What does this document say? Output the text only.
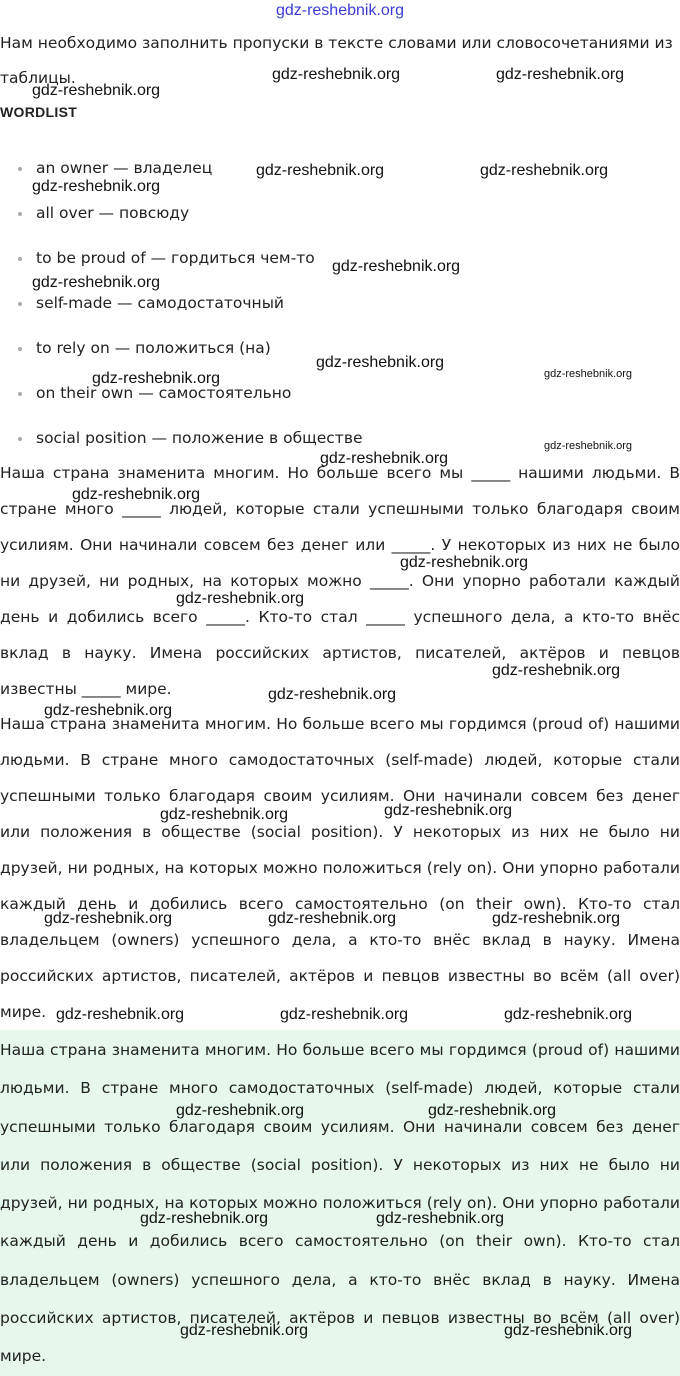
gdz-reshebnik.org

Нам необходимо заполнить пропуски в тексте словами или словосочетаниями из таблицы.

WORDLIST
an owner — владелец
all over — повсюду
to be proud of — гордиться чем-то
self-made — самодостаточный
to rely on — положиться (на)
on their own — самостоятельно
social position — положение в обществе

Наша страна знаменита многим. Но больше всего мы _____ нашими людьми. В стране много _____ людей, которые стали успешными только благодаря своим усилиям. Они начинали совсем без денег или _____. У некоторых из них не было ни друзей, ни родных, на которых можно _____. Они упорно работали каждый день и добились всего _____. Кто-то стал _____ успешного дела, а кто-то внёс вклад в науку. Имена российских артистов, писателей, актёров и певцов известны _____ мире.

Наша страна знаменита многим. Но больше всего мы гордимся (proud of) нашими людьми. В стране много самодостаточных (self-made) людей, которые стали успешными только благодаря своим усилиям. Они начинали совсем без денег или положения в обществе (social position). У некоторых из них не было ни друзей, ни родных, на которых можно положиться (rely on). Они упорно работали каждый день и добились всего самостоятельно (on their own). Кто-то стал владельцем (owners) успешного дела, а кто-то внёс вклад в науку. Имена российских артистов, писателей, актёров и певцов известны во всём (all over) мире.

Наша страна знаменита многим. Но больше всего мы гордимся (proud of) нашими людьми. В стране много самодостаточных (self-made) людей, которые стали успешными только благодаря своим усилиям. Они начинали совсем без денег или положения в обществе (social position). У некоторых из них не было ни друзей, ни родных, на которых можно положиться (rely on). Они упорно работали каждый день и добились всего самостоятельно (on their own). Кто-то стал владельцем (owners) успешного дела, а кто-то внёс вклад в науку. Имена российских артистов, писателей, актёров и певцов известны во всём (all over) мире.

gdz-reshebnik.org	gdz-reshebnik.org
gdz-reshebnik.org
gdz-reshebnik.org	gdz-reshebnik.org
gdz-reshebnik.org
gdz-reshebnik.org
gdz-reshebnik.org
gdz-reshebnik.org
gdz-reshebnik.org
gdz-reshebnik.org
gdz-reshebnik.org
gdz-reshebnik.org
gdz-reshebnik.org
gdz-reshebnik.org
gdz-reshebnik.org
gdz-reshebnik.org
gdz-reshebnik.org
gdz-reshebnik.org
gdz-reshebnik.org
gdz-reshebnik.org
gdz-reshebnik.org	gdz-reshebnik.org	gdz-reshebnik.org
gdz-reshebnik.org	gdz-reshebnik.org	gdz-reshebnik.org
gdz-reshebnik.org	gdz-reshebnik.org
gdz-reshebnik.org	gdz-reshebnik.org
gdz-reshebnik.org	gdz-reshebnik.org
